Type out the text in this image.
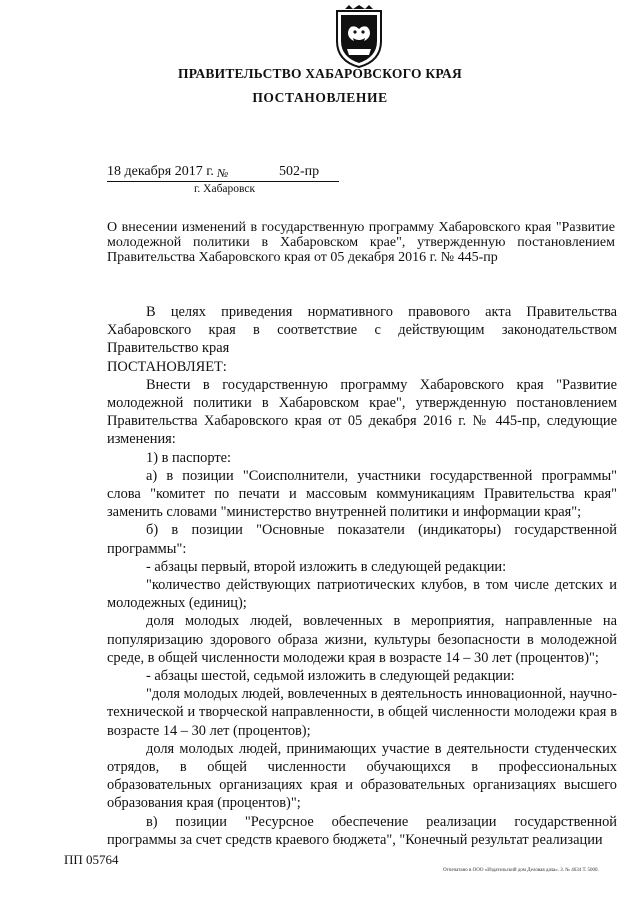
ПРАВИТЕЛЬСТВО ХАБАРОВСКОГО КРАЯ
ПОСТАНОВЛЕНИЕ
18 декабря 2017 г. №	502-пр
г. Хабаровск
О внесении изменений в государственную программу Хабаровского края "Развитие молодежной политики в Хабаровском крае", утвержденную постановлением Правительства Хабаровского края от 05 декабря 2016 г. № 445-пр

В целях приведения нормативного правового акта Правительства Хабаровского края в соответствие с действующим законодательством Правительство края

ПОСТАНОВЛЯЕТ:

Внести в государственную программу Хабаровского края "Развитие молодежной политики в Хабаровском крае", утвержденную постановлением Правительства Хабаровского края от 05 декабря 2016 г. № 445-пр, следующие изменения:

1) в паспорте:

а) в позиции "Соисполнители, участники государственной программы" слова "комитет по печати и массовым коммуникациям Правительства края" заменить словами "министерство внутренней политики и информации края";

б) в позиции "Основные показатели (индикаторы) государственной программы":

- абзацы первый, второй изложить в следующей редакции:

"количество действующих патриотических клубов, в том числе детских и молодежных (единиц);

доля молодых людей, вовлеченных в мероприятия, направленные на популяризацию здорового образа жизни, культуры безопасности в молодежной среде, в общей численности молодежи края в возрасте 14 – 30 лет (процентов)";

- абзацы шестой, седьмой изложить в следующей редакции:

"доля молодых людей, вовлеченных в деятельность инновационной, научно-технической и творческой направленности, в общей численности молодежи края в возрасте 14 – 30 лет (процентов);

доля молодых людей, принимающих участие в деятельности студенческих отрядов, в общей численности обучающихся в профессиональных образовательных организациях края и образовательных организациях высшего образования края (процентов)";

в) позиции "Ресурсное обеспечение реализации государственной программы за счет средств краевого бюджета", "Конечный результат реализации

ПП 05764
Отпечатано в ООО «Издательский дом Деловая дача». З. № 4634 Т. 5000.
